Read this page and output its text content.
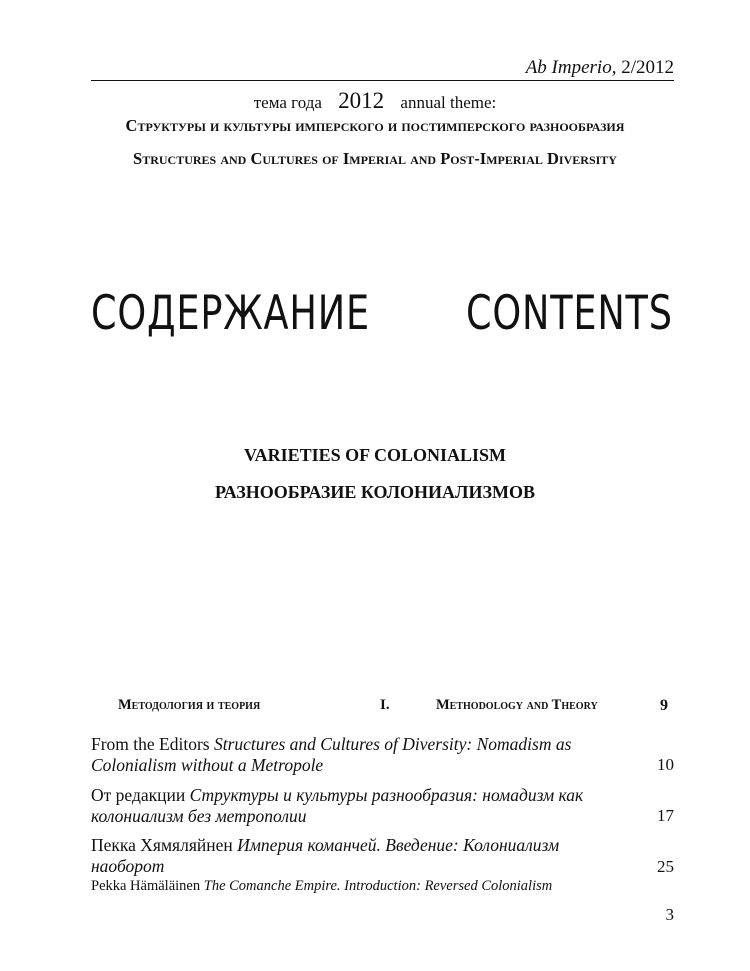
Ab Imperio, 2/2012
тема года 2012 annual theme:
Структуры и культуры имперского и постимперского разнообразия
Structures and Cultures of Imperial and Post-Imperial Diversity
СОДЕРЖАНИЕ CONTENTS
VARIETIES OF COLONIALISM
РАЗНООБРАЗИЕ КОЛОНИАЛИЗМОВ
Методология и теория	I.	Methodology and Theory	9
From the Editors Structures and Cultures of Diversity: Nomadism as Colonialism without a Metropole	10
От редакции Структуры и культуры разнообразия: номадизм как колониализм без метрополии	17
Пекка Хямяляйнен Империя команчей. Введение: Колониализм наоборот	25
Pekka Hämäläinen The Comanche Empire. Introduction: Reversed Colonialism
3
